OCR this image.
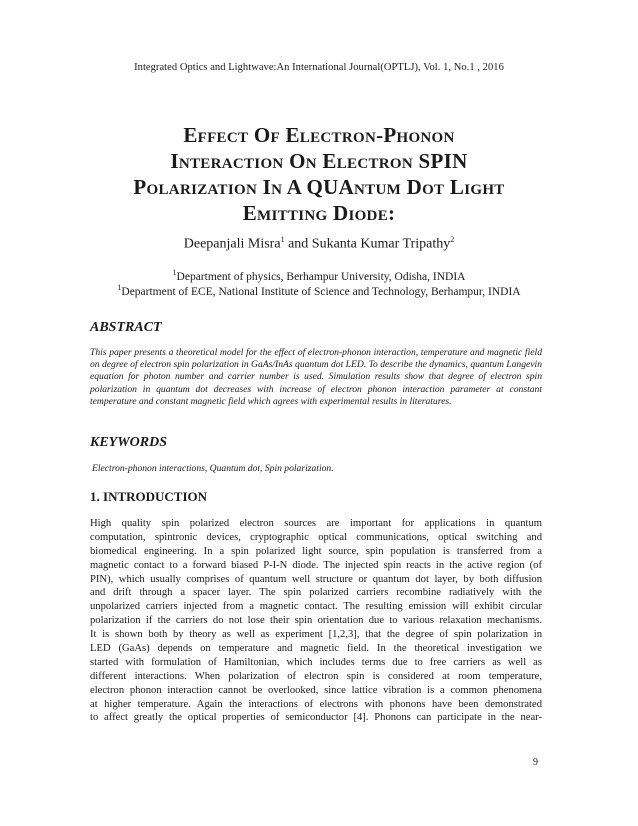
Integrated Optics and Lightwave:An International Journal(OPTLJ), Vol. 1, No.1 , 2016
Effect Of Electron-Phonon
Interaction On Electron SPIN
Polarization In A QUAntum Dot Light
Emitting Diode:
Deepanjali Misra$^1$ and Sukanta Kumar Tripathy$^2$
$^1$Department of physics, Berhampur University, Odisha, INDIA
$^1$Department of ECE, National Institute of Science and Technology, Berhampur, INDIA
ABSTRACT

This paper presents a theoretical model for the effect of electron-phonon interaction, temperature and magnetic field on degree of electron spin polarization in GaAs/InAs quantum dot LED. To describe the dynamics, quantum Langevin equation for photon number and carrier number is used. Simulation results show that degree of electron spin polarization in quantum dot decreases with increase of electron phonon interaction parameter at constant temperature and constant magnetic field which agrees with experimental results in literatures.

KEYWORDS

Electron-phonon interactions, Quantum dot, Spin polarization.

1. INTRODUCTION
High quality spin polarized electron sources are important for applications in quantum
computation, spintronic devices, cryptographic optical communications, optical switching and
biomedical engineering. In a spin polarized light source, spin population is transferred from a
magnetic contact to a forward biased P-I-N diode. The injected spin reacts in the active region (of
PIN), which usually comprises of quantum well structure or quantum dot layer, by both diffusion
and drift through a spacer layer. The spin polarized carriers recombine radiatively with the
unpolarized carriers injected from a magnetic contact. The resulting emission will exhibit circular
polarization if the carriers do not lose their spin orientation due to various relaxation mechanisms.
It is shown both by theory as well as experiment [1,2,3], that the degree of spin polarization in
LED (GaAs) depends on temperature and magnetic field. In the theoretical investigation we
started with formulation of Hamiltonian, which includes terms due to free carriers as well as
different interactions. When polarization of electron spin is considered at room temperature,
electron phonon interaction cannot be overlooked, since lattice vibration is a common phenomena
at higher temperature. Again the interactions of electrons with phonons have been demonstrated
to affect greatly the optical properties of semiconductor [4]. Phonons can participate in the near-
9
